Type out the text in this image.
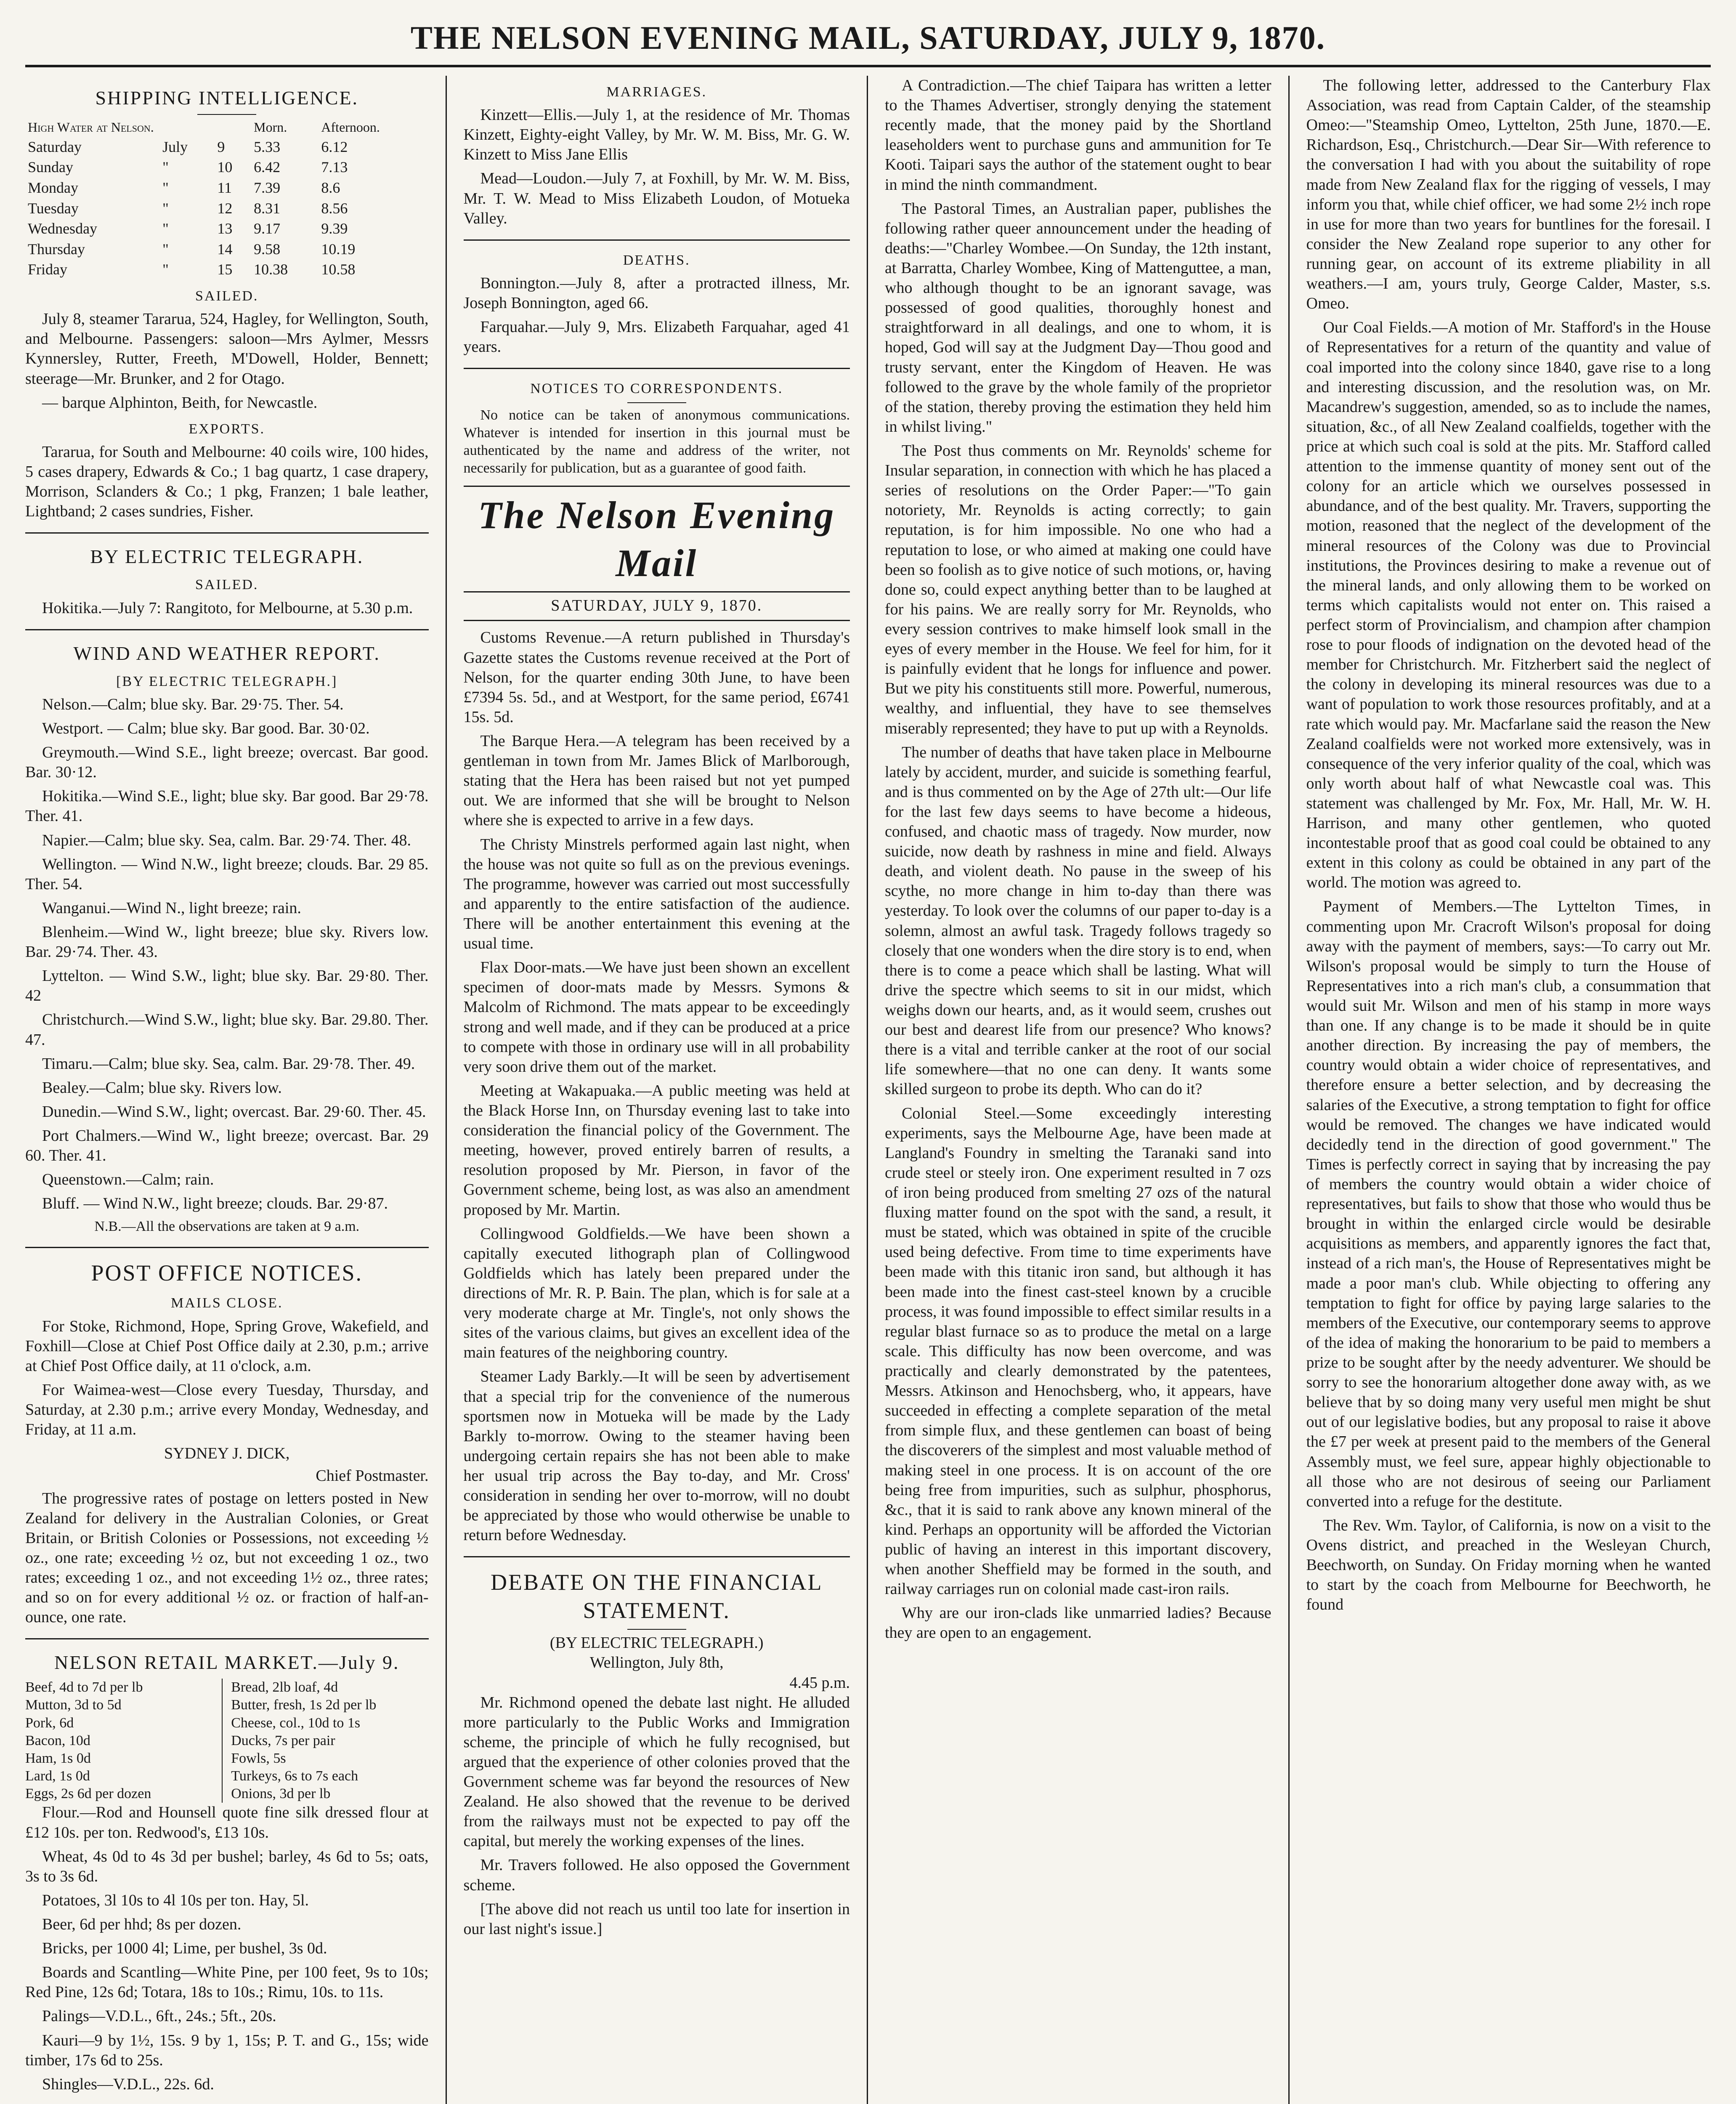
THE NELSON EVENING MAIL, SATURDAY, JULY 9, 1870.
SHIPPING INTELLIGENCE.
High Water at Nelson.			Morn.	Afternoon.
Saturday	July	9	5.33	6.12
Sunday	"	10	6.42	7.13
Monday	"	11	7.39	8.6
Tuesday	"	12	8.31	8.56
Wednesday	"	13	9.17	9.39
Thursday	"	14	9.58	10.19
Friday	"	15	10.38	10.58
SAILED.

July 8, steamer Tararua, 524, Hagley, for Wellington, South, and Melbourne. Passengers: saloon—Mrs Aylmer, Messrs Kynnersley, Rutter, Freeth, M'Dowell, Holder, Bennett; steerage—Mr. Brunker, and 2 for Otago.

— barque Alphinton, Beith, for Newcastle.

EXPORTS.

Tararua, for South and Melbourne: 40 coils wire, 100 hides, 5 cases drapery, Edwards & Co.; 1 bag quartz, 1 case drapery, Morrison, Sclanders & Co.; 1 pkg, Franzen; 1 bale leather, Lightband; 2 cases sundries, Fisher.

BY ELECTRIC TELEGRAPH.
SAILED.

Hokitika.—July 7: Rangitoto, for Melbourne, at 5.30 p.m.

WIND AND WEATHER REPORT.
[BY ELECTRIC TELEGRAPH.]

Nelson.—Calm; blue sky. Bar. 29·75. Ther. 54.

Westport. — Calm; blue sky. Bar good. Bar. 30·02.

Greymouth.—Wind S.E., light breeze; overcast. Bar good. Bar. 30·12.

Hokitika.—Wind S.E., light; blue sky. Bar good. Bar 29·78. Ther. 41.

Napier.—Calm; blue sky. Sea, calm. Bar. 29·74. Ther. 48.

Wellington. — Wind N.W., light breeze; clouds. Bar. 29 85. Ther. 54.

Wanganui.—Wind N., light breeze; rain.

Blenheim.—Wind W., light breeze; blue sky. Rivers low. Bar. 29·74. Ther. 43.

Lyttelton. — Wind S.W., light; blue sky. Bar. 29·80. Ther. 42

Christchurch.—Wind S.W., light; blue sky. Bar. 29.80. Ther. 47.

Timaru.—Calm; blue sky. Sea, calm. Bar. 29·78. Ther. 49.

Bealey.—Calm; blue sky. Rivers low.

Dunedin.—Wind S.W., light; overcast. Bar. 29·60. Ther. 45.

Port Chalmers.—Wind W., light breeze; overcast. Bar. 29 60. Ther. 41.

Queenstown.—Calm; rain.

Bluff. — Wind N.W., light breeze; clouds. Bar. 29·87.

N.B.—All the observations are taken at 9 a.m.

POST OFFICE NOTICES.
MAILS CLOSE.

For Stoke, Richmond, Hope, Spring Grove, Wakefield, and Foxhill—Close at Chief Post Office daily at 2.30, p.m.; arrive at Chief Post Office daily, at 11 o'clock, a.m.

For Waimea-west—Close every Tuesday, Thursday, and Saturday, at 2.30 p.m.; arrive every Monday, Wednesday, and Friday, at 11 a.m.

SYDNEY J. DICK,
Chief Postmaster.

The progressive rates of postage on letters posted in New Zealand for delivery in the Australian Colonies, or Great Britain, or British Colonies or Possessions, not exceeding ½ oz., one rate; exceeding ½ oz, but not exceeding 1 oz., two rates; exceeding 1 oz., and not exceeding 1½ oz., three rates; and so on for every additional ½ oz. or fraction of half-an-ounce, one rate.

NELSON RETAIL MARKET.—July 9.
Beef, 4d to 7d per lb	Bread, 2lb loaf, 4d
Mutton, 3d to 5d	Butter, fresh, 1s 2d per lb
Pork, 6d	Cheese, col., 10d to 1s
Bacon, 10d	Ducks, 7s per pair
Ham, 1s 0d	Fowls, 5s
Lard, 1s 0d	Turkeys, 6s to 7s each
Eggs, 2s 6d per dozen	Onions, 3d per lb

Flour.—Rod and Hounsell quote fine silk dressed flour at £12 10s. per ton. Redwood's, £13 10s.

Wheat, 4s 0d to 4s 3d per bushel; barley, 4s 6d to 5s; oats, 3s to 3s 6d.

Potatoes, 3l 10s to 4l 10s per ton. Hay, 5l.

Beer, 6d per hhd; 8s per dozen.

Bricks, per 1000 4l; Lime, per bushel, 3s 0d.

Boards and Scantling—White Pine, per 100 feet, 9s to 10s; Red Pine, 12s 6d; Totara, 18s to 10s.; Rimu, 10s. to 11s.

Palings—V.D.L., 6ft., 24s.; 5ft., 20s.

Kauri—9 by 1½, 15s. 9 by 1, 15s; P. T. and G., 15s; wide timber, 17s 6d to 25s.

Shingles—V.D.L., 22s. 6d.

MARRIAGES.

Kinzett—Ellis.—July 1, at the residence of Mr. Thomas Kinzett, Eighty-eight Valley, by Mr. W. M. Biss, Mr. G. W. Kinzett to Miss Jane Ellis

Mead—Loudon.—July 7, at Foxhill, by Mr. W. M. Biss, Mr. T. W. Mead to Miss Elizabeth Loudon, of Motueka Valley.

DEATHS.

Bonnington.—July 8, after a protracted illness, Mr. Joseph Bonnington, aged 66.

Farquahar.—July 9, Mrs. Elizabeth Farquahar, aged 41 years.

NOTICES TO CORRESPONDENTS.

No notice can be taken of anonymous communications. Whatever is intended for insertion in this journal must be authenticated by the name and address of the writer, not necessarily for publication, but as a guarantee of good faith.

The Nelson Evening Mail
SATURDAY, JULY 9, 1870.

Customs Revenue.—A return published in Thursday's Gazette states the Customs revenue received at the Port of Nelson, for the quarter ending 30th June, to have been £7394 5s. 5d., and at Westport, for the same period, £6741 15s. 5d.

The Barque Hera.—A telegram has been received by a gentleman in town from Mr. James Blick of Marlborough, stating that the Hera has been raised but not yet pumped out. We are informed that she will be brought to Nelson where she is expected to arrive in a few days.

The Christy Minstrels performed again last night, when the house was not quite so full as on the previous evenings. The programme, however was carried out most successfully and apparently to the entire satisfaction of the audience. There will be another entertainment this evening at the usual time.

Flax Door-mats.—We have just been shown an excellent specimen of door-mats made by Messrs. Symons & Malcolm of Richmond. The mats appear to be exceedingly strong and well made, and if they can be produced at a price to compete with those in ordinary use will in all probability very soon drive them out of the market.

Meeting at Wakapuaka.—A public meeting was held at the Black Horse Inn, on Thursday evening last to take into consideration the financial policy of the Government. The meeting, however, proved entirely barren of results, a resolution proposed by Mr. Pierson, in favor of the Government scheme, being lost, as was also an amendment proposed by Mr. Martin.

Collingwood Goldfields.—We have been shown a capitally executed lithograph plan of Collingwood Goldfields which has lately been prepared under the directions of Mr. R. P. Bain. The plan, which is for sale at a very moderate charge at Mr. Tingle's, not only shows the sites of the various claims, but gives an excellent idea of the main features of the neighboring country.

Steamer Lady Barkly.—It will be seen by advertisement that a special trip for the convenience of the numerous sportsmen now in Motueka will be made by the Lady Barkly to-morrow. Owing to the steamer having been undergoing certain repairs she has not been able to make her usual trip across the Bay to-day, and Mr. Cross' consideration in sending her over to-morrow, will no doubt be appreciated by those who would otherwise be unable to return before Wednesday.

DEBATE ON THE FINANCIAL STATEMENT.
(BY ELECTRIC TELEGRAPH.)
Wellington, July 8th,
4.45 p.m.

Mr. Richmond opened the debate last night. He alluded more particularly to the Public Works and Immigration scheme, the principle of which he fully recognised, but argued that the experience of other colonies proved that the Government scheme was far beyond the resources of New Zealand. He also showed that the revenue to be derived from the railways must not be expected to pay off the capital, but merely the working expenses of the lines.

Mr. Travers followed. He also opposed the Government scheme.

[The above did not reach us until too late for insertion in our last night's issue.]

A Contradiction.—The chief Taipara has written a letter to the Thames Advertiser, strongly denying the statement recently made, that the money paid by the Shortland leaseholders went to purchase guns and ammunition for Te Kooti. Taipari says the author of the statement ought to bear in mind the ninth commandment.

The Pastoral Times, an Australian paper, publishes the following rather queer announcement under the heading of deaths:—"Charley Wombee.—On Sunday, the 12th instant, at Barratta, Charley Wombee, King of Mattenguttee, a man, who although thought to be an ignorant savage, was possessed of good qualities, thoroughly honest and straightforward in all dealings, and one to whom, it is hoped, God will say at the Judgment Day—Thou good and trusty servant, enter the Kingdom of Heaven. He was followed to the grave by the whole family of the proprietor of the station, thereby proving the estimation they held him in whilst living."

The Post thus comments on Mr. Reynolds' scheme for Insular separation, in connection with which he has placed a series of resolutions on the Order Paper:—"To gain notoriety, Mr. Reynolds is acting correctly; to gain reputation, is for him impossible. No one who had a reputation to lose, or who aimed at making one could have been so foolish as to give notice of such motions, or, having done so, could expect anything better than to be laughed at for his pains. We are really sorry for Mr. Reynolds, who every session contrives to make himself look small in the eyes of every member in the House. We feel for him, for it is painfully evident that he longs for influence and power. But we pity his constituents still more. Powerful, numerous, wealthy, and influential, they have to see themselves miserably represented; they have to put up with a Reynolds.

The number of deaths that have taken place in Melbourne lately by accident, murder, and suicide is something fearful, and is thus commented on by the Age of 27th ult:—Our life for the last few days seems to have become a hideous, confused, and chaotic mass of tragedy. Now murder, now suicide, now death by rashness in mine and field. Always death, and violent death. No pause in the sweep of his scythe, no more change in him to-day than there was yesterday. To look over the columns of our paper to-day is a solemn, almost an awful task. Tragedy follows tragedy so closely that one wonders when the dire story is to end, when there is to come a peace which shall be lasting. What will drive the spectre which seems to sit in our midst, which weighs down our hearts, and, as it would seem, crushes out our best and dearest life from our presence? Who knows? there is a vital and terrible canker at the root of our social life somewhere—that no one can deny. It wants some skilled surgeon to probe its depth. Who can do it?

Colonial Steel.—Some exceedingly interesting experiments, says the Melbourne Age, have been made at Langland's Foundry in smelting the Taranaki sand into crude steel or steely iron. One experiment resulted in 7 ozs of iron being produced from smelting 27 ozs of the natural fluxing matter found on the spot with the sand, a result, it must be stated, which was obtained in spite of the crucible used being defective. From time to time experiments have been made with this titanic iron sand, but although it has been made into the finest cast-steel known by a crucible process, it was found impossible to effect similar results in a regular blast furnace so as to produce the metal on a large scale. This difficulty has now been overcome, and was practically and clearly demonstrated by the patentees, Messrs. Atkinson and Henochsberg, who, it appears, have succeeded in effecting a complete separation of the metal from simple flux, and these gentlemen can boast of being the discoverers of the simplest and most valuable method of making steel in one process. It is on account of the ore being free from impurities, such as sulphur, phosphorus, &c., that it is said to rank above any known mineral of the kind. Perhaps an opportunity will be afforded the Victorian public of having an interest in this important discovery, when another Sheffield may be formed in the south, and railway carriages run on colonial made cast-iron rails.

Why are our iron-clads like unmarried ladies? Because they are open to an engagement.

The following letter, addressed to the Canterbury Flax Association, was read from Captain Calder, of the steamship Omeo:—"Steamship Omeo, Lyttelton, 25th June, 1870.—E. Richardson, Esq., Christchurch.—Dear Sir—With reference to the conversation I had with you about the suitability of rope made from New Zealand flax for the rigging of vessels, I may inform you that, while chief officer, we had some 2½ inch rope in use for more than two years for buntlines for the foresail. I consider the New Zealand rope superior to any other for running gear, on account of its extreme pliability in all weathers.—I am, yours truly, George Calder, Master, s.s. Omeo.

Our Coal Fields.—A motion of Mr. Stafford's in the House of Representatives for a return of the quantity and value of coal imported into the colony since 1840, gave rise to a long and interesting discussion, and the resolution was, on Mr. Macandrew's suggestion, amended, so as to include the names, situation, &c., of all New Zealand coalfields, together with the price at which such coal is sold at the pits. Mr. Stafford called attention to the immense quantity of money sent out of the colony for an article which we ourselves possessed in abundance, and of the best quality. Mr. Travers, supporting the motion, reasoned that the neglect of the development of the mineral resources of the Colony was due to Provincial institutions, the Provinces desiring to make a revenue out of the mineral lands, and only allowing them to be worked on terms which capitalists would not enter on. This raised a perfect storm of Provincialism, and champion after champion rose to pour floods of indignation on the devoted head of the member for Christchurch. Mr. Fitzherbert said the neglect of the colony in developing its mineral resources was due to a want of population to work those resources profitably, and at a rate which would pay. Mr. Macfarlane said the reason the New Zealand coalfields were not worked more extensively, was in consequence of the very inferior quality of the coal, which was only worth about half of what Newcastle coal was. This statement was challenged by Mr. Fox, Mr. Hall, Mr. W. H. Harrison, and many other gentlemen, who quoted incontestable proof that as good coal could be obtained to any extent in this colony as could be obtained in any part of the world. The motion was agreed to.

Payment of Members.—The Lyttelton Times, in commenting upon Mr. Cracroft Wilson's proposal for doing away with the payment of members, says:—To carry out Mr. Wilson's proposal would be simply to turn the House of Representatives into a rich man's club, a consummation that would suit Mr. Wilson and men of his stamp in more ways than one. If any change is to be made it should be in quite another direction. By increasing the pay of members, the country would obtain a wider choice of representatives, and therefore ensure a better selection, and by decreasing the salaries of the Executive, a strong temptation to fight for office would be removed. The changes we have indicated would decidedly tend in the direction of good government." The Times is perfectly correct in saying that by increasing the pay of members the country would obtain a wider choice of representatives, but fails to show that those who would thus be brought in within the enlarged circle would be desirable acquisitions as members, and apparently ignores the fact that, instead of a rich man's, the House of Representatives might be made a poor man's club. While objecting to offering any temptation to fight for office by paying large salaries to the members of the Executive, our contemporary seems to approve of the idea of making the honorarium to be paid to members a prize to be sought after by the needy adventurer. We should be sorry to see the honorarium altogether done away with, as we believe that by so doing many very useful men might be shut out of our legislative bodies, but any proposal to raise it above the £7 per week at present paid to the members of the General Assembly must, we feel sure, appear highly objectionable to all those who are not desirous of seeing our Parliament converted into a refuge for the destitute.

The Rev. Wm. Taylor, of California, is now on a visit to the Ovens district, and preached in the Wesleyan Church, Beechworth, on Sunday. On Friday morning when he wanted to start by the coach from Melbourne for Beechworth, he found
